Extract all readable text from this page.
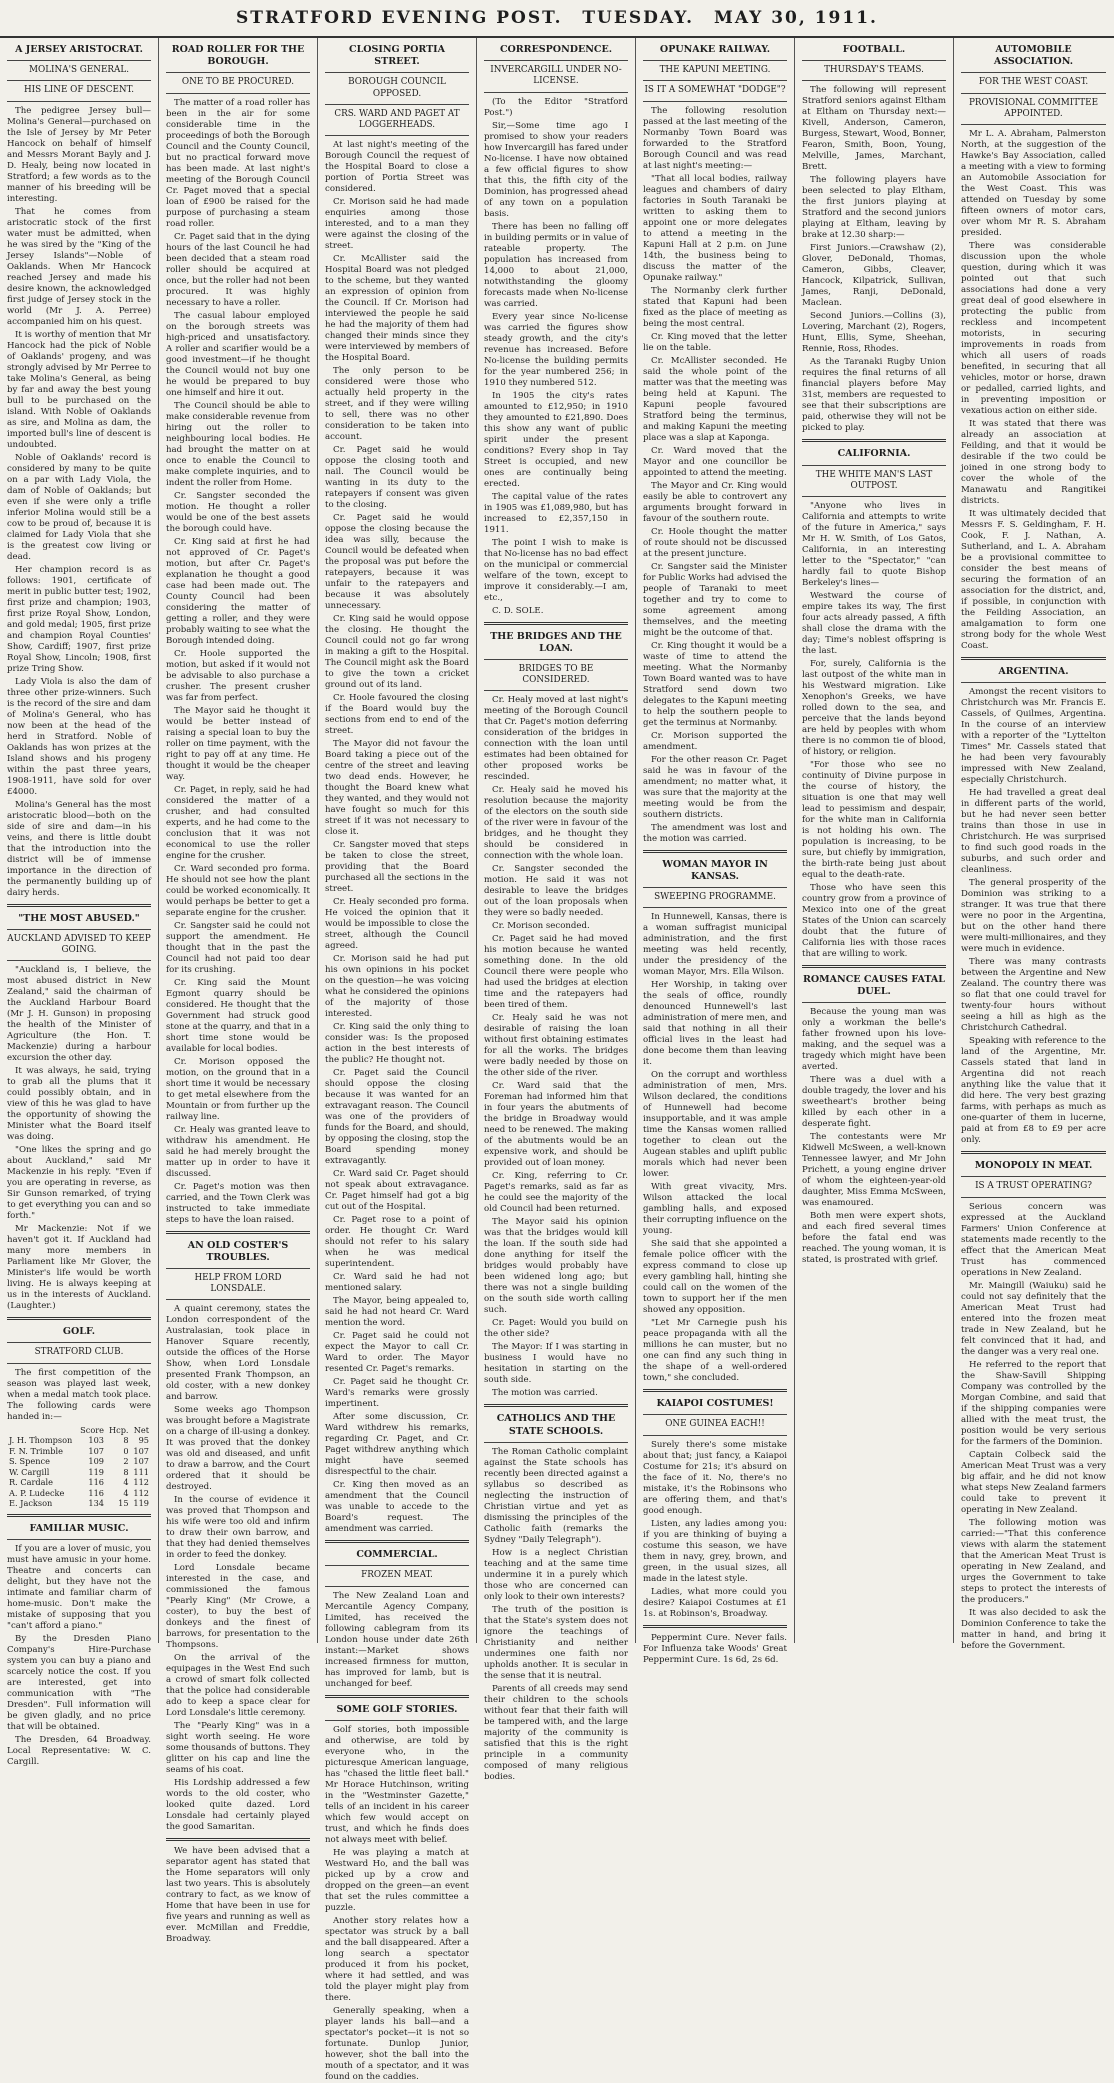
STRATFORD EVENING POST. TUESDAY. MAY 30, 1911.
A JERSEY ARISTOCRAT.
MOLINA'S GENERAL.
HIS LINE OF DESCENT.

The pedigree Jersey bull—Molina's General—purchased on the Isle of Jersey by Mr Peter Hancock on behalf of himself and Messrs Morant Bayly and J. D. Healy, being now located in Stratford; a few words as to the manner of his breeding will be interesting.

That he comes from aristocratic stock of the first water must be admitted, when he was sired by the "King of the Jersey Islands"—Noble of Oaklands. When Mr Hancock reached Jersey and made his desire known, the acknowledged first judge of Jersey stock in the world (Mr J. A. Perree) accompanied him on his quest.

It is worthy of mention that Mr Hancock had the pick of Noble of Oaklands' progeny, and was strongly advised by Mr Perree to take Molina's General, as being by far and away the best young bull to be purchased on the island. With Noble of Oaklands as sire, and Molina as dam, the imported bull's line of descent is undoubted.

Noble of Oaklands' record is considered by many to be quite on a par with Lady Viola, the dam of Noble of Oaklands; but even if she were only a trifle inferior Molina would still be a cow to be proud of, because it is claimed for Lady Viola that she is the greatest cow living or dead.

Her champion record is as follows: 1901, certificate of merit in public butter test; 1902, first prize and champion; 1903, first prize Royal Show, London, and gold medal; 1905, first prize and champion Royal Counties' Show, Cardiff; 1907, first prize Royal Show, Lincoln; 1908, first prize Tring Show.

Lady Viola is also the dam of three other prize-winners. Such is the record of the sire and dam of Molina's General, who has now been at the head of the herd in Stratford. Noble of Oaklands has won prizes at the Island shows and his progeny within the past three years, 1908-1911, have sold for over £4000.

Molina's General has the most aristocratic blood—both on the side of sire and dam—in his veins, and there is little doubt that the introduction into the district will be of immense importance in the direction of the permanently building up of dairy herds.

"THE MOST ABUSED."
AUCKLAND ADVISED TO KEEP GOING.

"Auckland is, I believe, the most abused district in New Zealand," said the chairman of the Auckland Harbour Board (Mr J. H. Gunson) in proposing the health of the Minister of Agriculture (the Hon. T. Mackenzie) during a harbour excursion the other day.

It was always, he said, trying to grab all the plums that it could possibly obtain, and in view of this he was glad to have the opportunity of showing the Minister what the Board itself was doing.

"One likes the spring and go about Auckland," said Mr Mackenzie in his reply. "Even if you are operating in reverse, as Sir Gunson remarked, of trying to get everything you can and so forth."

Mr Mackenzie: Not if we haven't got it. If Auckland had many more members in Parliament like Mr Glover, the Minister's life would be worth living. He is always keeping at us in the interests of Auckland. (Laughter.)

GOLF.
STRATFORD CLUB.

The first competition of the season was played last week, when a medal match took place. The following cards were handed in:—

	Score	Hcp.	Net
J. H. Thompson	103	8	95
F. N. Trimble	107	0	107
S. Spence	109	2	107
W. Cargill	119	8	111
R. Cardale	116	4	112
A. P. Ludecke	116	4	112
E. Jackson	134	15	119
FAMILIAR MUSIC.

If you are a lover of music, you must have amusic in your home. Theatre and concerts can delight, but they have not the intimate and familiar charm of home-music. Don't make the mistake of supposing that you "can't afford a piano."

By the Dresden Piano Company's Hire-Purchase system you can buy a piano and scarcely notice the cost. If you are interested, get into communication with "The Dresden". Full information will be given gladly, and no price that will be obtained.

The Dresden, 64 Broadway. Local Representative: W. C. Cargill.

ROAD ROLLER FOR THE BOROUGH.
ONE TO BE PROCURED.

The matter of a road roller has been in the air for some considerable time in the proceedings of both the Borough Council and the County Council, but no practical forward move has been made. At last night's meeting of the Borough Council Cr. Paget moved that a special loan of £900 be raised for the purpose of purchasing a steam road roller.

Cr. Paget said that in the dying hours of the last Council he had been decided that a steam road roller should be acquired at once, but the roller had not been procured. It was highly necessary to have a roller.

The casual labour employed on the borough streets was high-priced and unsatisfactory. A roller and scarifier would be a good investment—if he thought the Council would not buy one he would be prepared to buy one himself and hire it out.

The Council should be able to make considerable revenue from hiring out the roller to neighbouring local bodies. He had brought the matter on at once to enable the Council to make complete inquiries, and to indent the roller from Home.

Cr. Sangster seconded the motion. He thought a roller would be one of the best assets the borough could have.

Cr. King said at first he had not approved of Cr. Paget's motion, but after Cr. Paget's explanation he thought a good case had been made out. The County Council had been considering the matter of getting a roller, and they were probably waiting to see what the Borough intended doing.

Cr. Hoole supported the motion, but asked if it would not be advisable to also purchase a crusher. The present crusher was far from perfect.

The Mayor said he thought it would be better instead of raising a special loan to buy the roller on time payment, with the right to pay off at any time. He thought it would be the cheaper way.

Cr. Paget, in reply, said he had considered the matter of a crusher, and had consulted experts, and he had come to the conclusion that it was not economical to use the roller engine for the crusher.

Cr. Ward seconded pro forma. He should not see how the plant could be worked economically. It would perhaps be better to get a separate engine for the crusher.

Cr. Sangster said he could not support the amendment. He thought that in the past the Council had not paid too dear for its crushing.

Cr. King said the Mount Egmont quarry should be considered. He thought that the Government had struck good stone at the quarry, and that in a short time stone would be available for local bodies.

Cr. Morison opposed the motion, on the ground that in a short time it would be necessary to get metal elsewhere from the Mountain or from further up the railway line.

Cr. Healy was granted leave to withdraw his amendment. He said he had merely brought the matter up in order to have it discussed.

Cr. Paget's motion was then carried, and the Town Clerk was instructed to take immediate steps to have the loan raised.

AN OLD COSTER'S TROUBLES.
HELP FROM LORD LONSDALE.

A quaint ceremony, states the London correspondent of the Australasian, took place in Hanover Square recently, outside the offices of the Horse Show, when Lord Lonsdale presented Frank Thompson, an old coster, with a new donkey and barrow.

Some weeks ago Thompson was brought before a Magistrate on a charge of ill-using a donkey. It was proved that the donkey was old and diseased, and unfit to draw a barrow, and the Court ordered that it should be destroyed.

In the course of evidence it was proved that Thompson and his wife were too old and infirm to draw their own barrow, and that they had denied themselves in order to feed the donkey.

Lord Lonsdale became interested in the case, and commissioned the famous "Pearly King" (Mr Crowe, a coster), to buy the best of donkeys and the finest of barrows, for presentation to the Thompsons.

On the arrival of the equipages in the West End such a crowd of smart folk collected that the police had considerable ado to keep a space clear for Lord Lonsdale's little ceremony.

The "Pearly King" was in a sight worth seeing. He wore some thousands of buttons. They glitter on his cap and line the seams of his coat.

His Lordship addressed a few words to the old coster, who looked quite dazed. Lord Lonsdale had certainly played the good Samaritan.

We have been advised that a separator agent has stated that the Home separators will only last two years. This is absolutely contrary to fact, as we know of Home that have been in use for five years and running as well as ever. McMillan and Freddie, Broadway.

CLOSING PORTIA STREET.
BOROUGH COUNCIL OPPOSED.
CRS. WARD AND PAGET AT LOGGERHEADS.

At last night's meeting of the Borough Council the request of the Hospital Board to close a portion of Portia Street was considered.

Cr. Morison said he had made enquiries among those interested, and to a man they were against the closing of the street.

Cr. McAllister said the Hospital Board was not pledged to the scheme, but they wanted an expression of opinion from the Council. If Cr. Morison had interviewed the people he said he had the majority of them had changed their minds since they were interviewed by members of the Hospital Board.

The only person to be considered were those who actually held property in the street, and if they were willing to sell, there was no other consideration to be taken into account.

Cr. Paget said he would oppose the closing tooth and nail. The Council would be wanting in its duty to the ratepayers if consent was given to the closing.

Cr. Paget said he would oppose the closing because the idea was silly, because the Council would be defeated when the proposal was put before the ratepayers, because it was unfair to the ratepayers and because it was absolutely unnecessary.

Cr. King said he would oppose the closing. He thought the Council could not go far wrong in making a gift to the Hospital. The Council might ask the Board to give the town a cricket ground out of its land.

Cr. Hoole favoured the closing if the Board would buy the sections from end to end of the street.

The Mayor did not favour the Board taking a piece out of the centre of the street and leaving two dead ends. However, he thought the Board knew what they wanted, and they would not have fought so much for this street if it was not necessary to close it.

Cr. Sangster moved that steps be taken to close the street, providing that the Board purchased all the sections in the street.

Cr. Healy seconded pro forma. He voiced the opinion that it would be impossible to close the street, although the Council agreed.

Cr. Morison said he had put his own opinions in his pocket on the question—he was voicing what he considered the opinions of the majority of those interested.

Cr. King said the only thing to consider was: Is the proposed action in the best interests of the public? He thought not.

Cr. Paget said the Council should oppose the closing because it was wanted for an extravagant reason. The Council was one of the providers of funds for the Board, and should, by opposing the closing, stop the Board spending money extravagantly.

Cr. Ward said Cr. Paget should not speak about extravagance. Cr. Paget himself had got a big cut out of the Hospital.

Cr. Paget rose to a point of order. He thought Cr. Ward should not refer to his salary when he was medical superintendent.

Cr. Ward said he had not mentioned salary.

The Mayor, being appealed to, said he had not heard Cr. Ward mention the word.

Cr. Paget said he could not expect the Mayor to call Cr. Ward to order. The Mayor resented Cr. Paget's remarks.

Cr. Paget said he thought Cr. Ward's remarks were grossly impertinent.

After some discussion, Cr. Ward withdrew his remarks, regarding Cr. Paget, and Cr. Paget withdrew anything which might have seemed disrespectful to the chair.

Cr. King then moved as an amendment that the Council was unable to accede to the Board's request. The amendment was carried.

COMMERCIAL.
FROZEN MEAT.

The New Zealand Loan and Mercantile Agency Company, Limited, has received the following cablegram from its London house under date 26th instant:—Market shows increased firmness for mutton, has improved for lamb, but is unchanged for beef.

SOME GOLF STORIES.

Golf stories, both impossible and otherwise, are told by everyone who, in the picturesque American language, has "chased the little fleet ball." Mr Horace Hutchinson, writing in the "Westminster Gazette," tells of an incident in his career which few would accept on trust, and which he finds does not always meet with belief.

He was playing a match at Westward Ho, and the ball was picked up by a crow and dropped on the green—an event that set the rules committee a puzzle.

Another story relates how a spectator was struck by a ball and the ball disappeared. After a long search a spectator produced it from his pocket, where it had settled, and was told the player might play from there.

Generally speaking, when a player lands his ball—and a spectator's pocket—it is not so fortunate. Dunlop Junior, however, shot the ball into the mouth of a spectator, and it was found on the caddies.

CORRESPONDENCE.
INVERCARGILL UNDER NO-LICENSE.

(To the Editor "Stratford Post.")

Sir,—Some time ago I promised to show your readers how Invercargill has fared under No-license. I have now obtained a few official figures to show that this, the fifth city of the Dominion, has progressed ahead of any town on a population basis.

There has been no falling off in building permits or in value of rateable property. The population has increased from 14,000 to about 21,000, notwithstanding the gloomy forecasts made when No-license was carried.

Every year since No-license was carried the figures show steady growth, and the city's revenue has increased. Before No-license the building permits for the year numbered 256; in 1910 they numbered 512.

In 1905 the city's rates amounted to £12,950; in 1910 they amounted to £21,890. Does this show any want of public spirit under the present conditions? Every shop in Tay Street is occupied, and new ones are continually being erected.

The capital value of the rates in 1905 was £1,089,980, but has increased to £2,357,150 in 1911.

The point I wish to make is that No-license has no bad effect on the municipal or commercial welfare of the town, except to improve it considerably.—I am, etc.,

C. D. SOLE.

THE BRIDGES AND THE LOAN.
BRIDGES TO BE CONSIDERED.

Cr. Healy moved at last night's meeting of the Borough Council that Cr. Paget's motion deferring consideration of the bridges in connection with the loan until estimates had been obtained for other proposed works be rescinded.

Cr. Healy said he moved his resolution because the majority of the electors on the south side of the river were in favour of the bridges, and he thought they should be considered in connection with the whole loan.

Cr. Sangster seconded the motion. He said it was not desirable to leave the bridges out of the loan proposals when they were so badly needed.

Cr. Morison seconded.

Cr. Paget said he had moved his motion because he wanted something done. In the old Council there were people who had used the bridges at election time and the ratepayers had been tired of them.

Cr. Healy said he was not desirable of raising the loan without first obtaining estimates for all the works. The bridges were badly needed by those on the other side of the river.

Cr. Ward said that the Foreman had informed him that in four years the abutments of the bridge in Broadway would need to be renewed. The making of the abutments would be an expensive work, and should be provided out of loan money.

Cr. King, referring to Cr. Paget's remarks, said as far as he could see the majority of the old Council had been returned.

The Mayor said his opinion was that the bridges would kill the loan. If the south side had done anything for itself the bridges would probably have been widened long ago; but there was not a single building on the south side worth calling such.

Cr. Paget: Would you build on the other side?

The Mayor: If I was starting in business I would have no hesitation in starting on the south side.

The motion was carried.

CATHOLICS AND THE STATE SCHOOLS.

The Roman Catholic complaint against the State schools has recently been directed against a syllabus so described as neglecting the instruction of Christian virtue and yet as dismissing the principles of the Catholic faith (remarks the Sydney "Daily Telegraph").

How is a neglect Christian teaching and at the same time undermine it in a purely which those who are concerned can only look to their own interests?

The truth of the position is that the State's system does not ignore the teachings of Christianity and neither undermines one faith nor upholds another. It is secular in the sense that it is neutral.

Parents of all creeds may send their children to the schools without fear that their faith will be tampered with, and the large majority of the community is satisfied that this is the right principle in a community composed of many religious bodies.

OPUNAKE RAILWAY.
THE KAPUNI MEETING.
IS IT A SOMEWHAT "DODGE"?

The following resolution passed at the last meeting of the Normanby Town Board was forwarded to the Stratford Borough Council and was read at last night's meeting:—

"That all local bodies, railway leagues and chambers of dairy factories in South Taranaki be written to asking them to appoint one or more delegates to attend a meeting in the Kapuni Hall at 2 p.m. on June 14th, the business being to discuss the matter of the Opunake railway."

The Normanby clerk further stated that Kapuni had been fixed as the place of meeting as being the most central.

Cr. King moved that the letter lie on the table.

Cr. McAllister seconded. He said the whole point of the matter was that the meeting was being held at Kapuni. The Kapuni people favoured Stratford being the terminus, and making Kapuni the meeting place was a slap at Kaponga.

Cr. Ward moved that the Mayor and one councillor be appointed to attend the meeting.

The Mayor and Cr. King would easily be able to controvert any arguments brought forward in favour of the southern route.

Cr. Hoole thought the matter of route should not be discussed at the present juncture.

Cr. Sangster said the Minister for Public Works had advised the people of Taranaki to meet together and try to come to some agreement among themselves, and the meeting might be the outcome of that.

Cr. King thought it would be a waste of time to attend the meeting. What the Normanby Town Board wanted was to have Stratford send down two delegates to the Kapuni meeting to help the southern people to get the terminus at Normanby.

Cr. Morison supported the amendment.

For the other reason Cr. Paget said he was in favour of the amendment; no matter what, it was sure that the majority at the meeting would be from the southern districts.

The amendment was lost and the motion was carried.

WOMAN MAYOR IN KANSAS.
SWEEPING PROGRAMME.

In Hunnewell, Kansas, there is a woman suffragist municipal administration, and the first meeting was held recently, under the presidency of the woman Mayor, Mrs. Ella Wilson.

Her Worship, in taking over the seals of office, roundly denounced Hunnewell's last administration of mere men, and said that nothing in all their official lives in the least had done become them than leaving it.

On the corrupt and worthless administration of men, Mrs. Wilson declared, the conditions of Hunnewell had become insupportable, and it was ample time the Kansas women rallied together to clean out the Augean stables and uplift public morals which had never been lower.

With great vivacity, Mrs. Wilson attacked the local gambling halls, and exposed their corrupting influence on the young.

She said that she appointed a female police officer with the express command to close up every gambling hall, hinting she could call on the women of the town to support her if the men showed any opposition.

"Let Mr Carnegie push his peace propaganda with all the millions he can muster, but no one can find any such thing in the shape of a well-ordered town," she concluded.

KAIAPOI COSTUMES!
ONE GUINEA EACH!!

Surely there's some mistake about that; just fancy, a Kaiapoi Costume for 21s; it's absurd on the face of it. No, there's no mistake, it's the Robinsons who are offering them, and that's good enough.

Listen, any ladies among you: if you are thinking of buying a costume this season, we have them in navy, grey, brown, and green, in the usual sizes, all made in the latest style.

Ladies, what more could you desire? Kaiapoi Costumes at £1 1s. at Robinson's, Broadway.

Peppermint Cure. Never fails. For Influenza take Woods' Great Peppermint Cure. 1s 6d, 2s 6d.

FOOTBALL.
THURSDAY'S TEAMS.

The following will represent Stratford seniors against Eltham at Eltham on Thursday next:—Kivell, Anderson, Cameron, Burgess, Stewart, Wood, Bonner, Fearon, Smith, Boon, Young, Melville, James, Marchant, Brett.

The following players have been selected to play Eltham, the first juniors playing at Stratford and the second juniors playing at Eltham, leaving by brake at 12.30 sharp:—

First Juniors.—Crawshaw (2), Glover, DeDonald, Thomas, Cameron, Gibbs, Cleaver, Hancock, Kilpatrick, Sullivan, James, Ranji, DeDonald, Maclean.

Second Juniors.—Collins (3), Lovering, Marchant (2), Rogers, Hunt, Ellis, Syme, Sheehan, Rennie, Ross, Rhodes.

As the Taranaki Rugby Union requires the final returns of all financial players before May 31st, members are requested to see that their subscriptions are paid, otherwise they will not be picked to play.

CALIFORNIA.
THE WHITE MAN'S LAST OUTPOST.

"Anyone who lives in California and attempts to write of the future in America," says Mr H. W. Smith, of Los Gatos, California, in an interesting letter to the "Spectator," "can hardly fail to quote Bishop Berkeley's lines—

Westward the course of empire takes its way, The first four acts already passed, A fifth shall close the drama with the day; Time's noblest offspring is the last.

For, surely, California is the last outpost of the white man in his Westward migration. Like Xenophon's Greeks, we have rolled down to the sea, and perceive that the lands beyond are held by peoples with whom there is no common tie of blood, of history, or religion.

"For those who see no continuity of Divine purpose in the course of history, the situation is one that may well lead to pessimism and despair, for the white man in California is not holding his own. The population is increasing, to be sure, but chiefly by immigration, the birth-rate being just about equal to the death-rate.

Those who have seen this country grow from a province of Mexico into one of the great States of the Union can scarcely doubt that the future of California lies with those races that are willing to work.

ROMANCE CAUSES FATAL DUEL.

Because the young man was only a workman the belle's father frowned upon his love-making, and the sequel was a tragedy which might have been averted.

There was a duel with a double tragedy, the lover and his sweetheart's brother being killed by each other in a desperate fight.

The contestants were Mr Kidwell McSween, a well-known Tennessee lawyer, and Mr John Prichett, a young engine driver of whom the eighteen-year-old daughter, Miss Emma McSween, was enamoured.

Both men were expert shots, and each fired several times before the fatal end was reached. The young woman, it is stated, is prostrated with grief.

AUTOMOBILE ASSOCIATION.
FOR THE WEST COAST.
PROVISIONAL COMMITTEE APPOINTED.

Mr L. A. Abraham, Palmerston North, at the suggestion of the Hawke's Bay Association, called a meeting with a view to forming an Automobile Association for the West Coast. This was attended on Tuesday by some fifteen owners of motor cars, over whom Mr R. S. Abraham presided.

There was considerable discussion upon the whole question, during which it was pointed out that such associations had done a very great deal of good elsewhere in protecting the public from reckless and incompetent motorists, in securing improvements in roads from which all users of roads benefited, in securing that all vehicles, motor or horse, drawn or pedalled, carried lights, and in preventing imposition or vexatious action on either side.

It was stated that there was already an association at Feilding, and that it would be desirable if the two could be joined in one strong body to cover the whole of the Manawatu and Rangitikei districts.

It was ultimately decided that Messrs F. S. Geldingham, F. H. Cook, F. J. Nathan, A. Sutherland, and L. A. Abraham be a provisional committee to consider the best means of securing the formation of an association for the district, and, if possible, in conjunction with the Feilding Association, an amalgamation to form one strong body for the whole West Coast.

ARGENTINA.

Amongst the recent visitors to Christchurch was Mr. Francis E. Cassels, of Quilmes, Argentina. In the course of an interview with a reporter of the "Lyttelton Times" Mr. Cassels stated that he had been very favourably impressed with New Zealand, especially Christchurch.

He had travelled a great deal in different parts of the world, but he had never seen better trains than those in use in Christchurch. He was surprised to find such good roads in the suburbs, and such order and cleanliness.

The general prosperity of the Dominion was striking to a stranger. It was true that there were no poor in the Argentina, but on the other hand there were multi-millionaires, and they were much in evidence.

There was many contrasts between the Argentine and New Zealand. The country there was so flat that one could travel for twenty-four hours without seeing a hill as high as the Christchurch Cathedral.

Speaking with reference to the land of the Argentine, Mr. Cassels stated that land in Argentina did not reach anything like the value that it did here. The very best grazing farms, with perhaps as much as one-quarter of them in lucerne, paid at from £8 to £9 per acre only.

MONOPOLY IN MEAT.
IS A TRUST OPERATING?

Serious concern was expressed at the Auckland Farmers' Union Conference at statements made recently to the effect that the American Meat Trust has commenced operations in New Zealand.

Mr. Maingill (Waiuku) said he could not say definitely that the American Meat Trust had entered into the frozen meat trade in New Zealand, but he felt convinced that it had, and the danger was a very real one.

He referred to the report that the Shaw-Savill Shipping Company was controlled by the Morgan Combine, and said that if the shipping companies were allied with the meat trust, the position would be very serious for the farmers of the Dominion.

Captain Colbeck said the American Meat Trust was a very big affair, and he did not know what steps New Zealand farmers could take to prevent it operating in New Zealand.

The following motion was carried:—"That this conference views with alarm the statement that the American Meat Trust is operating in New Zealand, and urges the Government to take steps to protect the interests of the producers."

It was also decided to ask the Dominion Conference to take the matter in hand, and bring it before the Government.
